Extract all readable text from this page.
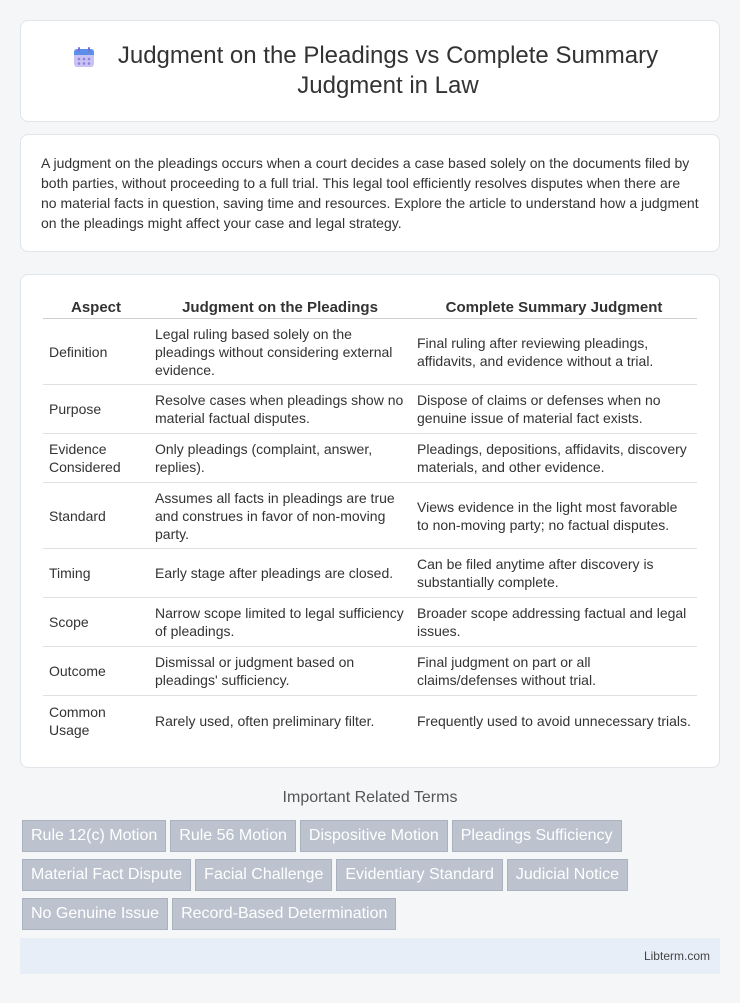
Judgment on the Pleadings vs Complete Summary Judgment in Law

A judgment on the pleadings occurs when a court decides a case based solely on the documents filed by both parties, without proceeding to a full trial. This legal tool efficiently resolves disputes when there are no material facts in question, saving time and resources. Explore the article to understand how a judgment on the pleadings might affect your case and legal strategy.

Aspect	Judgment on the Pleadings	Complete Summary Judgment
Definition	Legal ruling based solely on the pleadings without considering external evidence.	Final ruling after reviewing pleadings, affidavits, and evidence without a trial.
Purpose	Resolve cases when pleadings show no material factual disputes.	Dispose of claims or defenses when no genuine issue of material fact exists.
Evidence Considered	Only pleadings (complaint, answer, replies).	Pleadings, depositions, affidavits, discovery materials, and other evidence.
Standard	Assumes all facts in pleadings are true and construes in favor of non-moving party.	Views evidence in the light most favorable to non-moving party; no factual disputes.
Timing	Early stage after pleadings are closed.	Can be filed anytime after discovery is substantially complete.
Scope	Narrow scope limited to legal sufficiency of pleadings.	Broader scope addressing factual and legal issues.
Outcome	Dismissal or judgment based on pleadings' sufficiency.	Final judgment on part or all claims/defenses without trial.
Common Usage	Rarely used, often preliminary filter.	Frequently used to avoid unnecessary trials.
Important Related Terms
Rule 12(c) Motion Rule 56 Motion Dispositive Motion Pleadings Sufficiency
Material Fact Dispute Facial Challenge Evidentiary Standard Judicial Notice
No Genuine Issue Record-Based Determination
Libterm.com
